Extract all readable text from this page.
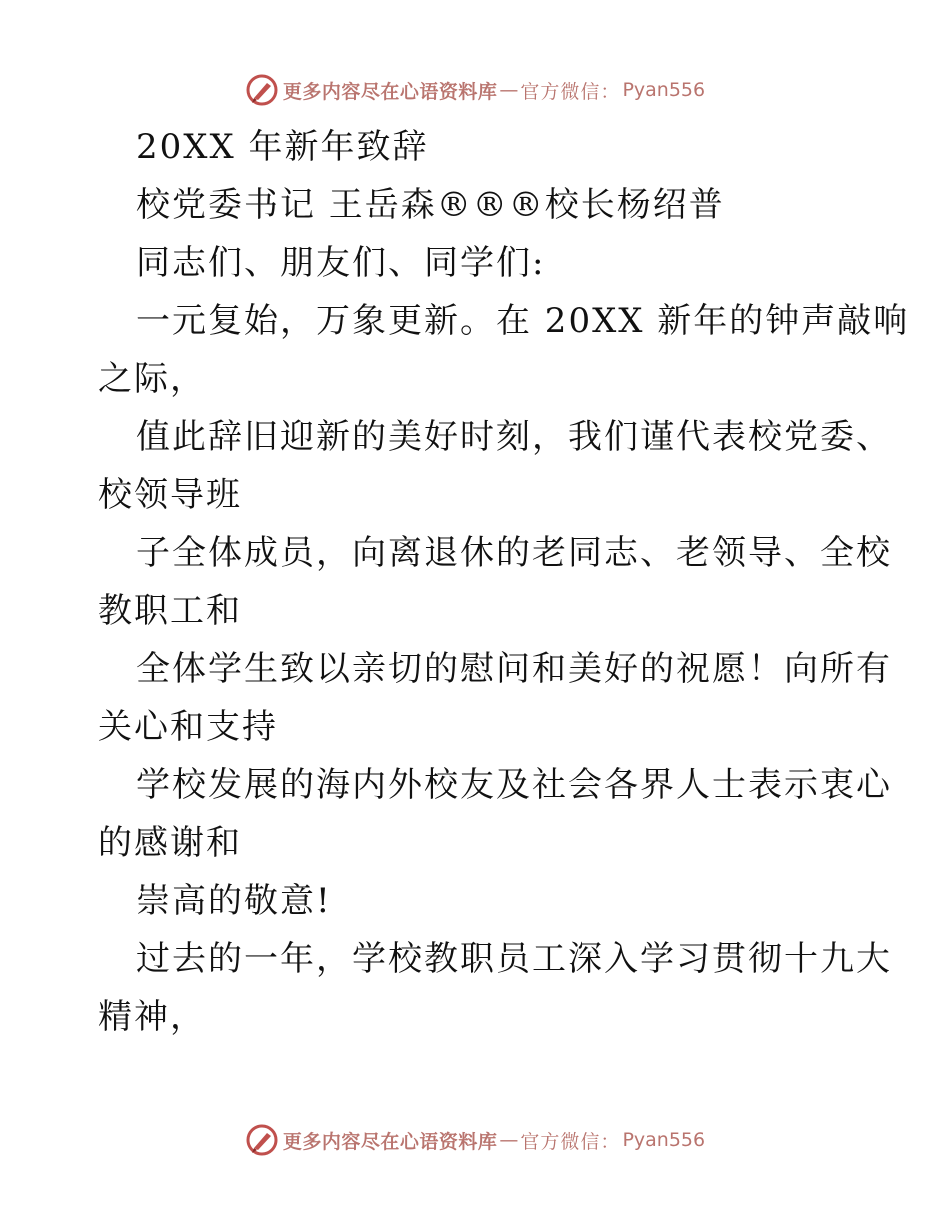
更多内容尽在心语资料库 — 官方微信： Pyan556
20XX 年新年致辞
校党委书记 王岳森®®®校长杨绍普
同志们、朋友们、同学们:
一元复始，万象更新。在 20XX 新年的钟声敲响
之际，
值此辞旧迎新的美好时刻，我们谨代表校党委、
校领导班
子全体成员，向离退休的老同志、老领导、全校
教职工和
全体学生致以亲切的慰问和美好的祝愿！向所有
关心和支持
学校发展的海内外校友及社会各界人士表示衷心
的感谢和
崇高的敬意!
过去的一年，学校教职员工深入学习贯彻十九大
精神，
更多内容尽在心语资料库 — 官方微信： Pyan556
